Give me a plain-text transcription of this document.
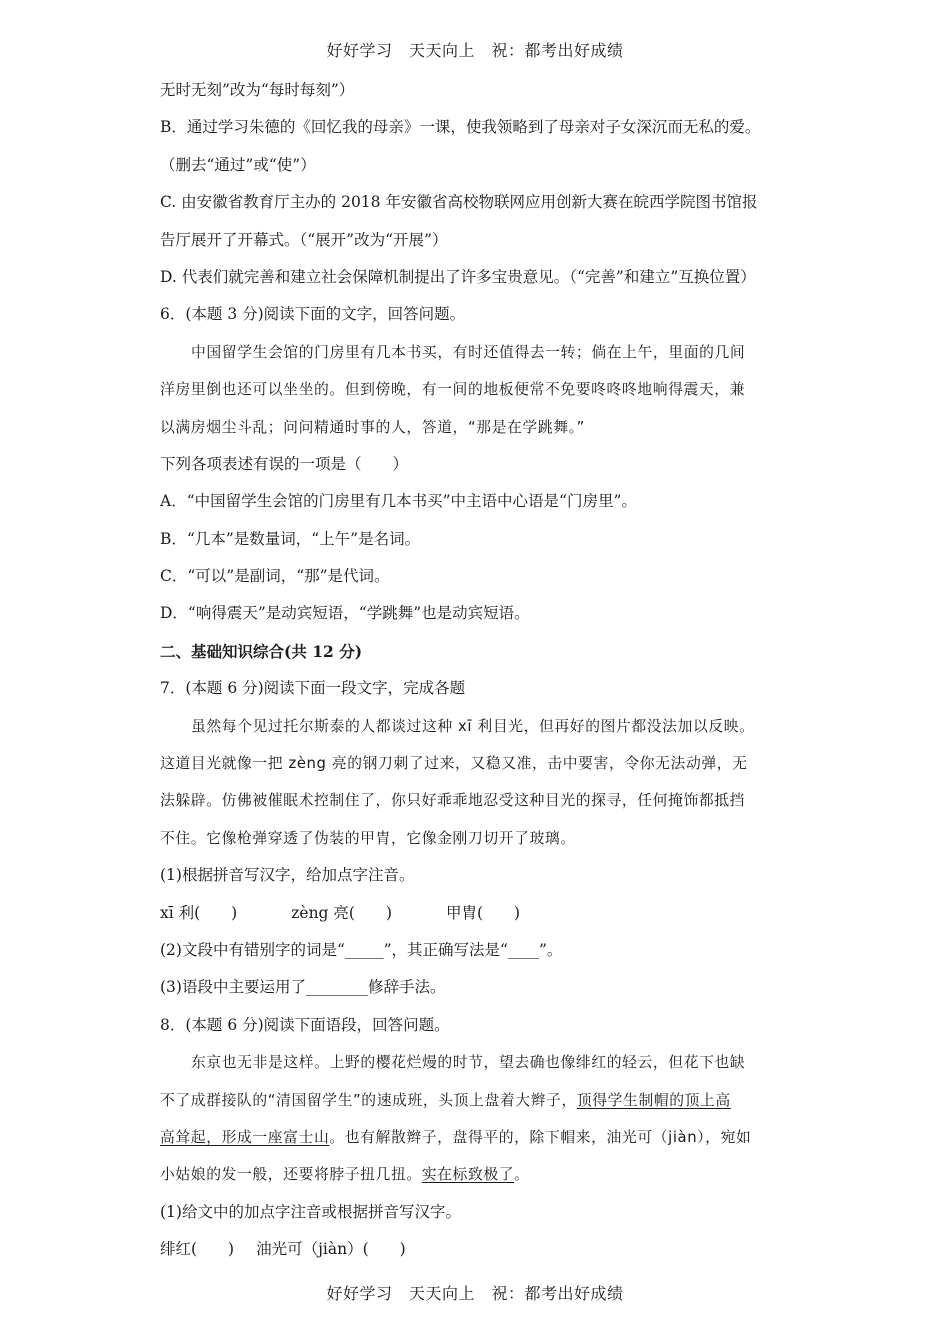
好好学习　天天向上　祝：都考出好成绩
无时无刻”改为“每时每刻”）
B．通过学习朱德的《回忆我的母亲》一课，使我领略到了母亲对子女深沉而无私的爱。
（删去“通过”或“使”）
C. 由安徽省教育厅主办的 2018 年安徽省高校物联网应用创新大赛在皖西学院图书馆报
告厅展开了开幕式。（“展开”改为“开展”）
D. 代表们就完善和建立社会保障机制提出了许多宝贵意见。（“完善”和建立”互换位置）
6．(本题 3 分)阅读下面的文字，回答问题。
中国留学生会馆的门房里有几本书买，有时还值得去一转；倘在上午，里面的几间
洋房里倒也还可以坐坐的。但到傍晚，有一间的地板便常不免要咚咚咚地响得震天，兼
以满房烟尘斗乱；问问精通时事的人，答道，“那是在学跳舞。”
下列各项表述有误的一项是（　　）
A．“中国留学生会馆的门房里有几本书买”中主语中心语是“门房里”。
B．“几本”是数量词，“上午”是名词。
C．“可以”是副词，“那”是代词。
D．“响得震天”是动宾短语，“学跳舞”也是动宾短语。
二、基础知识综合(共 12 分)
7．(本题 6 分)阅读下面一段文字，完成各题
虽然每个见过托尔斯泰的人都谈过这种 xī 利目光，但再好的图片都没法加以反映。
这道目光就像一把 zèng 亮的钢刀刺了过来，又稳又准，击中要害，令你无法动弹，无
法躲辟。仿佛被催眠术控制住了，你只好乖乖地忍受这种目光的探寻，任何掩饰都抵挡
不住。它像枪弹穿透了伪装的甲胄，它像金刚刀切开了玻璃。
(1)根据拼音写汉字，给加点字注音。
xī 利(　　)	zèng 亮(　　)	甲胄(　　)
(2)文段中有错别字的词是“_____”，其正确写法是“____”。
(3)语段中主要运用了________修辞手法。
8．(本题 6 分)阅读下面语段，回答问题。
东京也无非是这样。上野的樱花烂熳的时节，望去确也像绯红的轻云，但花下也缺
不了成群接队的“清国留学生”的速成班，头顶上盘着大辫子，顶得学生制帽的顶上高
高耸起，形成一座富士山。也有解散辫子，盘得平的，除下帽来，油光可（jiàn），宛如
小姑娘的发一般，还要将脖子扭几扭。实在标致极了。
(1)给文中的加点字注音或根据拼音写汉字。
绯红(　　) 油光可（jiàn）(　　)
好好学习　天天向上　祝：都考出好成绩
